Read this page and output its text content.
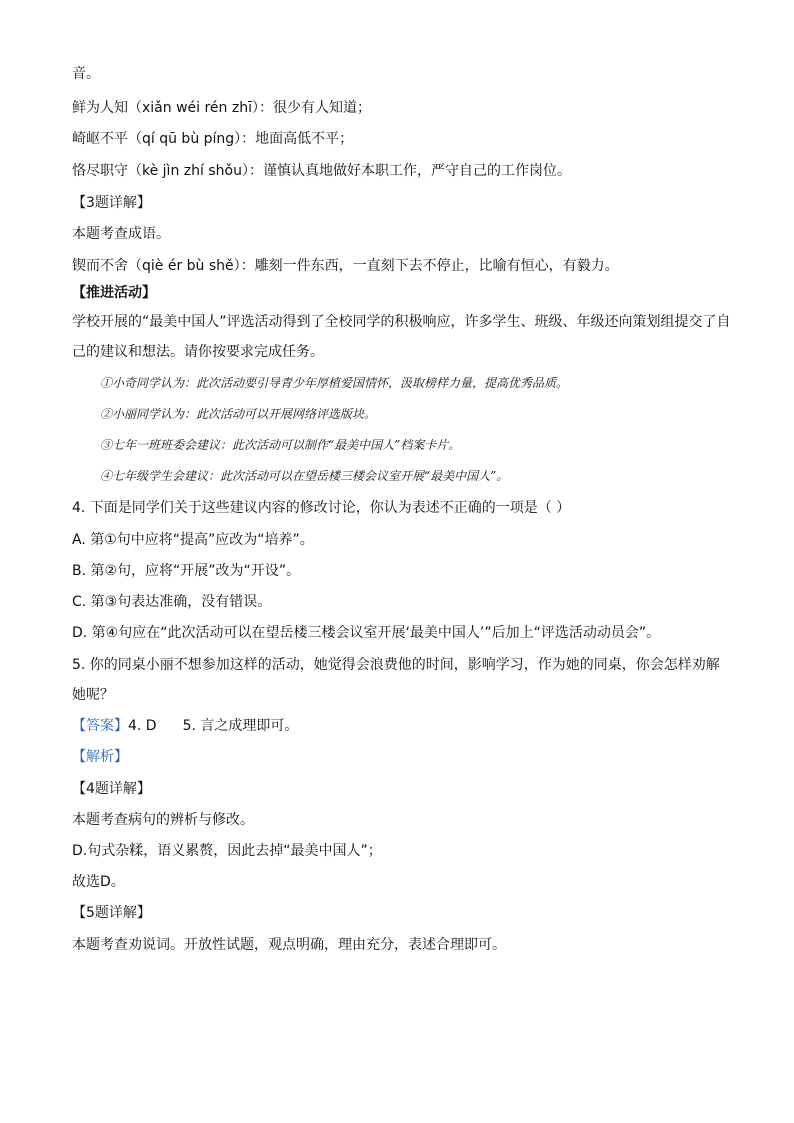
音。
鲜为人知（xiǎn wéi rén zhī）：很少有人知道；
崎岖不平（qí qū bù píng）：地面高低不平；
恪尽职守（kè jìn zhí shǒu）：谨慎认真地做好本职工作，严守自己的工作岗位。
【3题详解】
本题考查成语。
锲而不舍（qiè ér bù shě）：雕刻一件东西，一直刻下去不停止，比喻有恒心，有毅力。
【推进活动】
学校开展的“最美中国人”评选活动得到了全校同学的积极响应，许多学生、班级、年级还向策划组提交了自己的建议和想法。请你按要求完成任务。
①小奇同学认为：此次活动要引导青少年厚植爱国情怀，汲取榜样力量，提高优秀品质。
②小丽同学认为：此次活动可以开展网络评选版块。
③七年一班班委会建议：此次活动可以制作“最美中国人”档案卡片。
④七年级学生会建议：此次活动可以在望岳楼三楼会议室开展“最美中国人”。
4. 下面是同学们关于这些建议内容的修改讨论，你认为表述不正确的一项是（ ）
A. 第①句中应将“提高”应改为“培养”。
B. 第②句，应将“开展”改为“开设”。
C. 第③句表达准确，没有错误。
D. 第④句应在“此次活动可以在望岳楼三楼会议室开展‘最美中国人’”后加上“评选活动动员会”。
5. 你的同桌小丽不想参加这样的活动，她觉得会浪费他的时间，影响学习，作为她的同桌，你会怎样劝解她呢？
【答案】4. D 5. 言之成理即可。
【解析】
【4题详解】
本题考查病句的辨析与修改。
D.句式杂糅，语义累赘，因此去掉“最美中国人”；
故选D。
【5题详解】
本题考查劝说词。开放性试题，观点明确，理由充分，表述合理即可。
